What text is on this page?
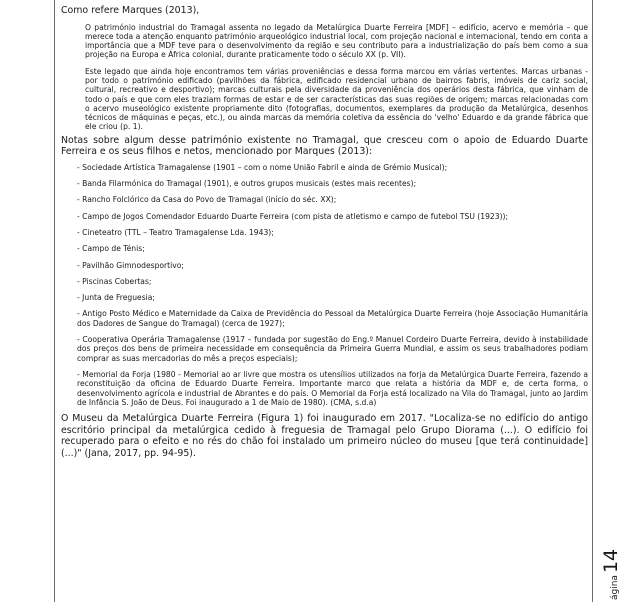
Como refere Marques (2013),

O património industrial do Tramagal assenta no legado da Metalúrgica Duarte Ferreira [MDF] – edifício, acervo e memória – que merece toda a atenção enquanto património arqueológico industrial local, com projeção nacional e internacional, tendo em conta a importância que a MDF teve para o desenvolvimento da região e seu contributo para a industrialização do país bem como a sua projeção na Europa e África colonial, durante praticamente todo o século XX (p. VII).

Este legado que ainda hoje encontramos tem várias proveniências e dessa forma marcou em várias vertentes. Marcas urbanas - por todo o património edificado (pavilhões da fábrica, edificado residencial urbano de bairros fabris, imóveis de cariz social, cultural, recreativo e desportivo); marcas culturais pela diversidade da proveniência dos operários desta fábrica, que vinham de todo o país e que com eles traziam formas de estar e de ser características das suas regiões de origem; marcas relacionadas com o acervo museológico existente propriamente dito (fotografias, documentos, exemplares da produção da Metalúrgica, desenhos técnicos de máquinas e peças, etc.), ou ainda marcas da memória coletiva da essência do 'velho' Eduardo e da grande fábrica que ele criou (p. 1).

Notas sobre algum desse património existente no Tramagal, que cresceu com o apoio de Eduardo Duarte Ferreira e os seus filhos e netos, mencionado por Marques (2013):

- Sociedade Artística Tramagalense (1901 – com o nome União Fabril e ainda de Grémio Musical);
- Banda Filarmónica do Tramagal (1901), e outros grupos musicais (estes mais recentes);
- Rancho Folclórico da Casa do Povo de Tramagal (início do séc. XX);
- Campo de Jogos Comendador Eduardo Duarte Ferreira (com pista de atletismo e campo de futebol TSU (1923));
- Cineteatro (TTL – Teatro Tramagalense Lda. 1943);
- Campo de Ténis;
- Pavilhão Gimnodesportivo;
- Piscinas Cobertas;
- Junta de Freguesia;
- Antigo Posto Médico e Maternidade da Caixa de Previdência do Pessoal da Metalúrgica Duarte Ferreira (hoje Associação Humanitária dos Dadores de Sangue do Tramagal) (cerca de 1927);
- Cooperativa Operária Tramagalense (1917 – fundada por sugestão do Eng.º Manuel Cordeiro Duarte Ferreira, devido à instabilidade dos preços dos bens de primeira necessidade em consequência da Primeira Guerra Mundial, e assim os seus trabalhadores podiam comprar as suas mercadorias do mês a preços especiais);
- Memorial da Forja (1980 - Memorial ao ar livre que mostra os utensílios utilizados na forja da Metalúrgica Duarte Ferreira, fazendo a reconstituição da oficina de Eduardo Duarte Ferreira. Importante marco que relata a história da MDF e, de certa forma, o desenvolvimento agrícola e industrial de Abrantes e do país. O Memorial da Forja está localizado na Vila do Tramagal, junto ao Jardim de Infância S. João de Deus. Foi inaugurado a 1 de Maio de 1980). (CMA, s.d.a)

O Museu da Metalúrgica Duarte Ferreira (Figura 1) foi inaugurado em 2017. "Localiza-se no edifício do antigo escritório principal da metalúrgica cedido à freguesia de Tramagal pelo Grupo Diorama (...). O edifício foi recuperado para o efeito e no rés do chão foi instalado um primeiro núcleo do museu [que terá continuidade] (...)" (Jana, 2017, pp. 94-95).

ágina14
